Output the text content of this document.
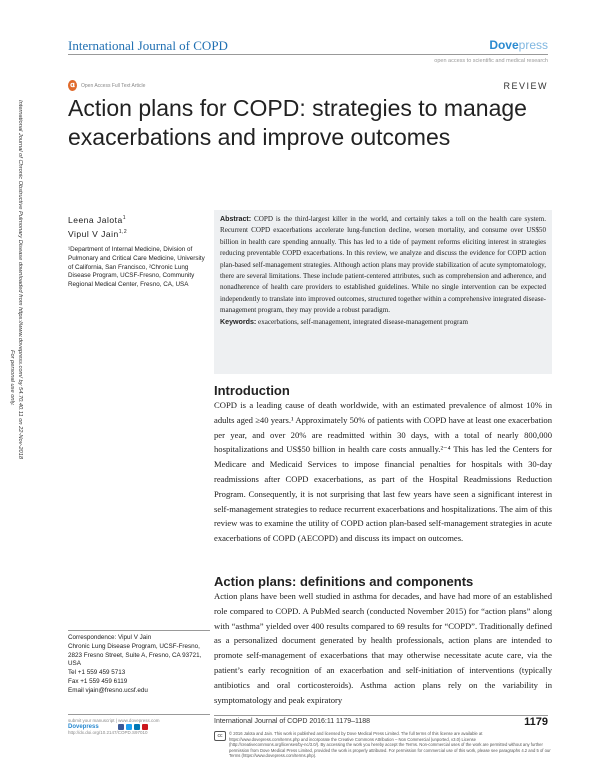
International Journal of COPD	Dovepress
open access to scientific and medical research
𝛂	Open Access Full Text Article	REVIEW
Action plans for COPD: strategies to manage exacerbations and improve outcomes
International Journal of Chronic Obstructive Pulmonary Disease downloaded from https://www.dovepress.com/ by 54.70.40.11 on 22-Nov-2018
For personal use only.
Leena Jalota$^1$
Vipul V Jain$^{1,2}$
¹Department of Internal Medicine, Division of Pulmonary and Critical Care Medicine, University of California, San Francisco, ²Chronic Lung Disease Program, UCSF-Fresno, Community Regional Medical Center, Fresno, CA, USA

Abstract: COPD is the third-largest killer in the world, and certainly takes a toll on the health care system. Recurrent COPD exacerbations accelerate lung-function decline, worsen mortality, and consume over US$50 billion in health care spending annually. This has led to a tide of payment reforms eliciting interest in strategies reducing preventable COPD exacerbations. In this review, we analyze and discuss the evidence for COPD action plan-based self-management strategies. Although action plans may provide stabilization of acute symptomatology, there are several limitations. These include patient-centered attributes, such as comprehension and adherence, and nonadherence of health care providers to established guidelines. While no single intervention can be expected independently to translate into improved outcomes, structured together within a comprehensive integrated disease-management program, they may provide a robust paradigm.

Keywords: exacerbations, self-management, integrated disease-management program

Introduction

COPD is a leading cause of death worldwide, with an estimated prevalence of almost 10% in adults aged ≥40 years.¹ Approximately 50% of patients with COPD have at least one exacerbation per year, and over 20% are readmitted within 30 days, with a total of nearly 800,000 hospitalizations and US$50 billion in health care costs annually.²⁻⁴ This has led the Centers for Medicare and Medicaid Services to impose financial penalties for hospitals with 30-day readmissions after COPD exacerbations, as part of the Hospital Readmissions Reduction Program. Consequently, it is not surprising that last few years have seen a significant interest in self-management strategies to reduce recurrent exacerbations and hospitalizations. The aim of this review was to examine the utility of COPD action plan-based self-management strategies in acute exacerbations of COPD (AECOPD) and discuss its impact on outcomes.

Action plans: definitions and components

Action plans have been well studied in asthma for decades, and have had more of an established role compared to COPD. A PubMed search (conducted November 2015) for “action plans” along with “asthma” yielded over 400 results compared to 69 results for “COPD”. Traditionally defined as a personalized document generated by health professionals, action plans are intended to promote self-management of exacerbations that may otherwise necessitate acute care, via the patient’s early recognition of an exacerbation and self-initiation of interventions (typically antibiotics and oral corticosteroids). Asthma action plans rely on the variability in symptomatology and peak expiratory

Correspondence: Vipul V Jain
Chronic Lung Disease Program, UCSF-Fresno, 2823 Fresno Street, Suite A, Fresno, CA 93721, USA
Tel +1 559 459 5713
Fax +1 559 459 6119
Email vjain@fresno.ucsf.edu
submit your manuscript | www.dovepress.com
Dovepress
http://dx.doi.org/10.2147/COPD.S97010
International Journal of COPD 2016:11 1179–1188	1179
cc	© 2016 Jalota and Jain. This work is published and licensed by Dove Medical Press Limited. The full terms of this license are available at https://www.dovepress.com/terms.php and incorporate the Creative Commons Attribution – Non Commercial (unported, v3.0) License (http://creativecommons.org/licenses/by-nc/3.0/). By accessing the work you hereby accept the Terms. Non-commercial uses of the work are permitted without any further permission from Dove Medical Press Limited, provided the work is properly attributed. For permission for commercial use of this work, please see paragraphs 4.2 and 5 of our Terms (https://www.dovepress.com/terms.php).
